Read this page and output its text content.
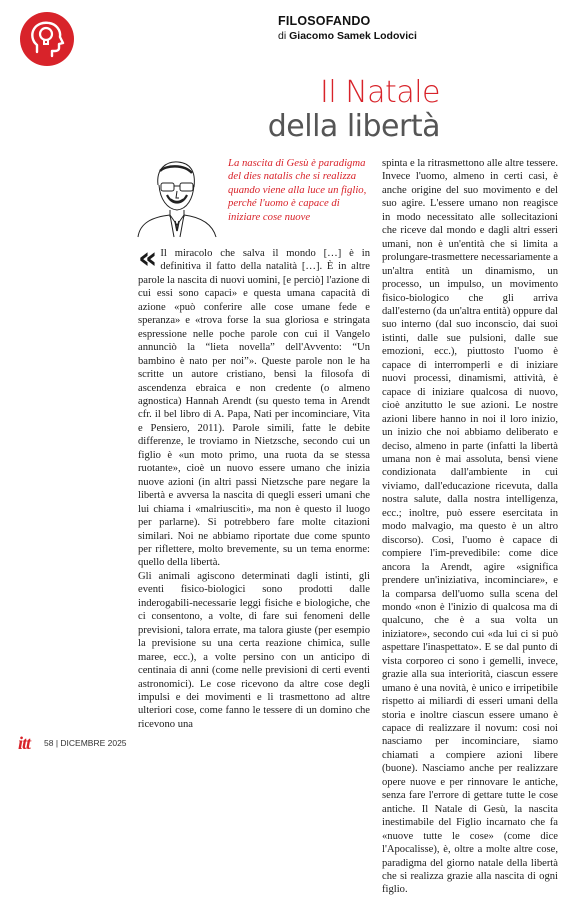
FILOSOFANDO
di Giacomo Samek Lodovici
Il Natale
della libertà
La nascita di Gesù è paradigma del dies natalis che si realizza quando viene alla luce un figlio, perché l'uomo è capace di iniziare cose nuove

« Il miracolo che salva il mondo […] è in definitiva il fatto della natalità […]. È in altre parole la nascita di nuovi uomini, [e perciò] l'azione di cui essi sono capaci» e questa umana capacità di azione «può conferire alle cose umane fede e speranza» e «trova forse la sua gloriosa e stringata espressione nelle poche parole con cui il Vangelo annunciò la “lieta novella” dell'Avvento: “Un bambino è nato per noi”». Queste parole non le ha scritte un autore cristiano, bensì la filosofa di ascendenza ebraica e non credente (o almeno agnostica) Hannah Arendt (su questo tema in Arendt cfr. il bel libro di A. Papa, Nati per incominciare, Vita e Pensiero, 2011). Parole simili, fatte le debite differenze, le troviamo in Nietzsche, secondo cui un figlio è «un moto primo, una ruota da se stessa ruotante», cioè un nuovo essere umano che inizia nuove azioni (in altri passi Nietzsche pare negare la libertà e avversa la nascita di quegli esseri umani che lui chiama i «malriusciti», ma non è questo il luogo per parlarne). Si potrebbero fare molte citazioni similari. Noi ne abbiamo riportate due come spunto per riflettere, molto brevemente, su un tema enorme: quello della libertà.

Gli animali agiscono determinati dagli istinti, gli eventi fisico-biologici sono prodotti dalle inderogabili-necessarie leggi fisiche e biologiche, che ci consentono, a volte, di fare sui fenomeni delle previsioni, talora errate, ma talora giuste (per esempio la previsione su una certa reazione chimica, sulle maree, ecc.), a volte persino con un anticipo di centinaia di anni (come nelle previsioni di certi eventi astronomici). Le cose ricevono da altre cose degli impulsi e dei movimenti e li trasmettono ad altre ulteriori cose, come fanno le tessere di un domino che ricevono una

spinta e la ritrasmettono alle altre tessere. Invece l'uomo, almeno in certi casi, è anche origine del suo movimento e del suo agire. L'essere umano non reagisce in modo necessitato alle sollecitazioni che riceve dal mondo e dagli altri esseri umani, non è un'entità che si limita a prolungare-trasmettere necessariamente a un'altra entità un dinamismo, un processo, un impulso, un movimento fisico-biologico che gli arriva dall'esterno (da un'altra entità) oppure dal suo interno (dal suo inconscio, dai suoi istinti, dalle sue pulsioni, dalle sue emozioni, ecc.), piuttosto l'uomo è capace di interromperli e di iniziare nuovi processi, dinamismi, attività, è capace di iniziare qualcosa di nuovo, cioè anzitutto le sue azioni. Le nostre azioni libere hanno in noi il loro inizio, un inizio che noi abbiamo deliberato e deciso, almeno in parte (infatti la libertà umana non è mai assoluta, bensì viene condizionata dall'ambiente in cui viviamo, dall'educazione ricevuta, dalla nostra salute, dalla nostra intelligenza, ecc.; inoltre, può essere esercitata in modo malvagio, ma questo è un altro discorso). Così, l'uomo è capace di compiere l'im-prevedibile: come dice ancora la Arendt, agire «significa prendere un'iniziativa, incominciare», e la comparsa dell'uomo sulla scena del mondo «non è l'inizio di qualcosa ma di qualcuno, che è a sua volta un iniziatore», secondo cui «da lui ci si può aspettare l'inaspettato». E se dal punto di vista corporeo ci sono i gemelli, invece, grazie alla sua interiorità, ciascun essere umano è una novità, è unico e irripetibile rispetto ai miliardi di esseri umani della storia e inoltre ciascun essere umano è capace di realizzare il novum: cosi noi nasciamo per incominciare, siamo chiamati a compiere azioni libere (buone). Nasciamo anche per realizzare opere nuove e per rinnovare le antiche, senza fare l'errore di gettare tutte le cose antiche. Il Natale di Gesù, la nascita inestimabile del Figlio incarnato che fa «nuove tutte le cose» (come dice l'Apocalisse), è, oltre a molte altre cose, paradigma del giorno natale della libertà che si realizza grazie alla nascita di ogni figlio.

itt 58 | DICEMBRE 2025
